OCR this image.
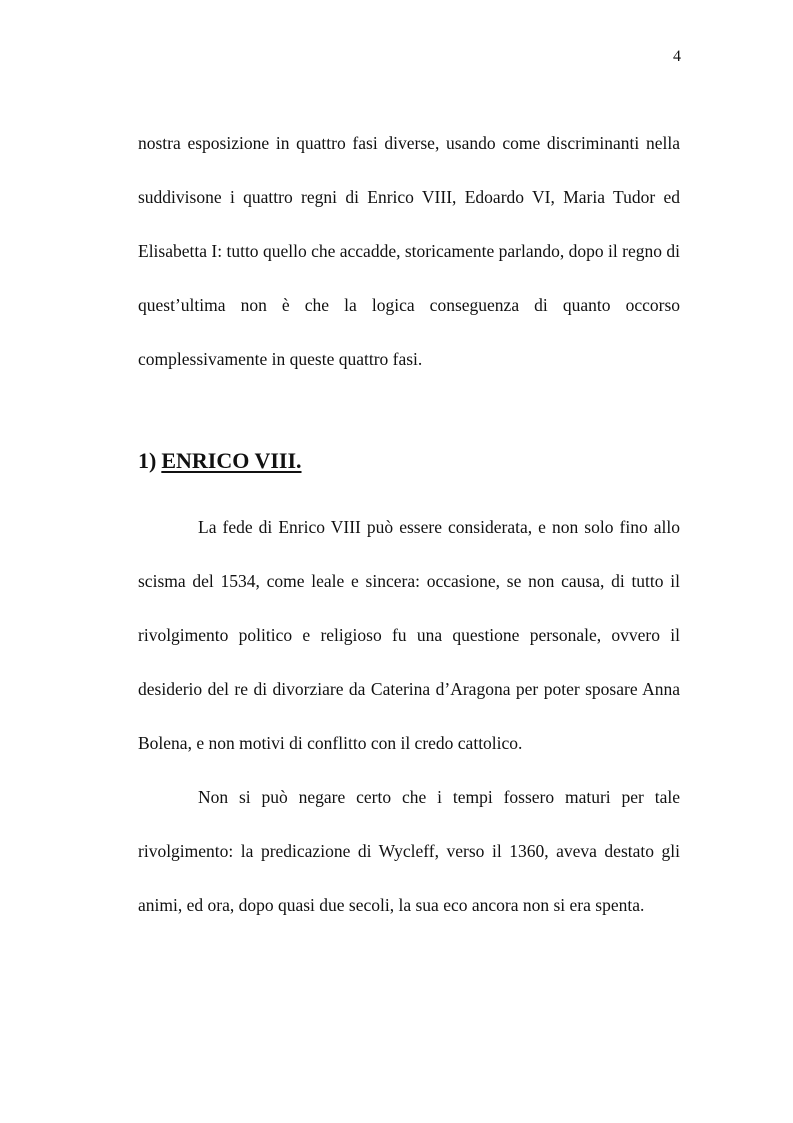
4

nostra esposizione in quattro fasi diverse, usando come discriminanti nella suddivisone i quattro regni di Enrico VIII, Edoardo VI, Maria Tudor ed Elisabetta I: tutto quello che accadde, storicamente parlando, dopo il regno di quest’ultima non è che la logica conseguenza di quanto occorso complessivamente in queste quattro fasi.

1) ENRICO VIII.

La fede di Enrico VIII può essere considerata, e non solo fino allo scisma del 1534, come leale e sincera: occasione, se non causa, di tutto il rivolgimento politico e religioso fu una questione personale, ovvero il desiderio del re di divorziare da Caterina d’Aragona per poter sposare Anna Bolena, e non motivi di conflitto con il credo cattolico.

Non si può negare certo che i tempi fossero maturi per tale rivolgimento: la predicazione di Wycleff, verso il 1360, aveva destato gli animi, ed ora, dopo quasi due secoli, la sua eco ancora non si era spenta.
